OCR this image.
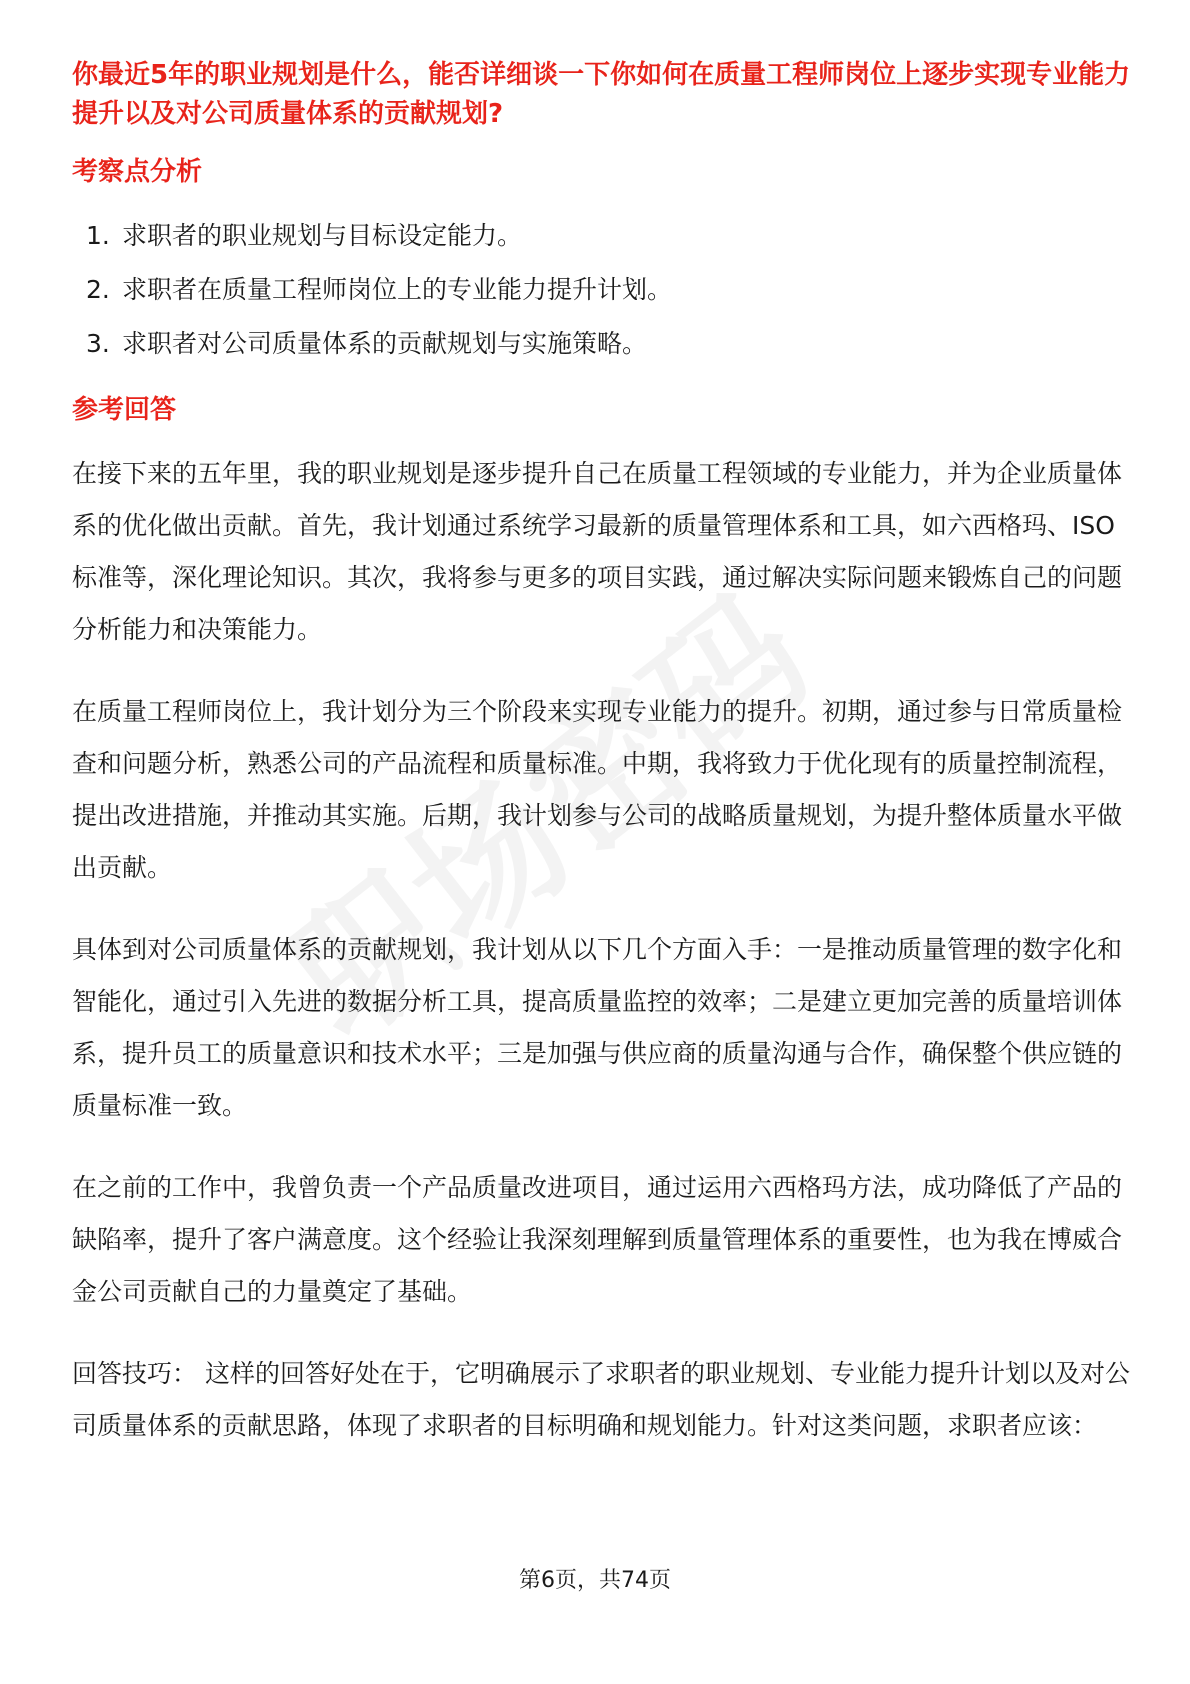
你最近5年的职业规划是什么，能否详细谈一下你如何在质量工程师岗位上逐步实现专业能力提升以及对公司质量体系的贡献规划?
考察点分析
1. 求职者的职业规划与目标设定能力。
2. 求职者在质量工程师岗位上的专业能力提升计划。
3. 求职者对公司质量体系的贡献规划与实施策略。
参考回答

在接下来的五年里，我的职业规划是逐步提升自己在质量工程领域的专业能力，并为企业质量体系的优化做出贡献。首先，我计划通过系统学习最新的质量管理体系和工具，如六西格玛、ISO标准等，深化理论知识。其次，我将参与更多的项目实践，通过解决实际问题来锻炼自己的问题分析能力和决策能力。

在质量工程师岗位上，我计划分为三个阶段来实现专业能力的提升。初期，通过参与日常质量检查和问题分析，熟悉公司的产品流程和质量标准。中期，我将致力于优化现有的质量控制流程，提出改进措施，并推动其实施。后期，我计划参与公司的战略质量规划，为提升整体质量水平做出贡献。

具体到对公司质量体系的贡献规划，我计划从以下几个方面入手：一是推动质量管理的数字化和智能化，通过引入先进的数据分析工具，提高质量监控的效率；二是建立更加完善的质量培训体系，提升员工的质量意识和技术水平；三是加强与供应商的质量沟通与合作，确保整个供应链的质量标准一致。

在之前的工作中，我曾负责一个产品质量改进项目，通过运用六西格玛方法，成功降低了产品的缺陷率，提升了客户满意度。这个经验让我深刻理解到质量管理体系的重要性，也为我在博威合金公司贡献自己的力量奠定了基础。

回答技巧： 这样的回答好处在于，它明确展示了求职者的职业规划、专业能力提升计划以及对公司质量体系的贡献思路，体现了求职者的目标明确和规划能力。针对这类问题，求职者应该：

第6页，共74页
